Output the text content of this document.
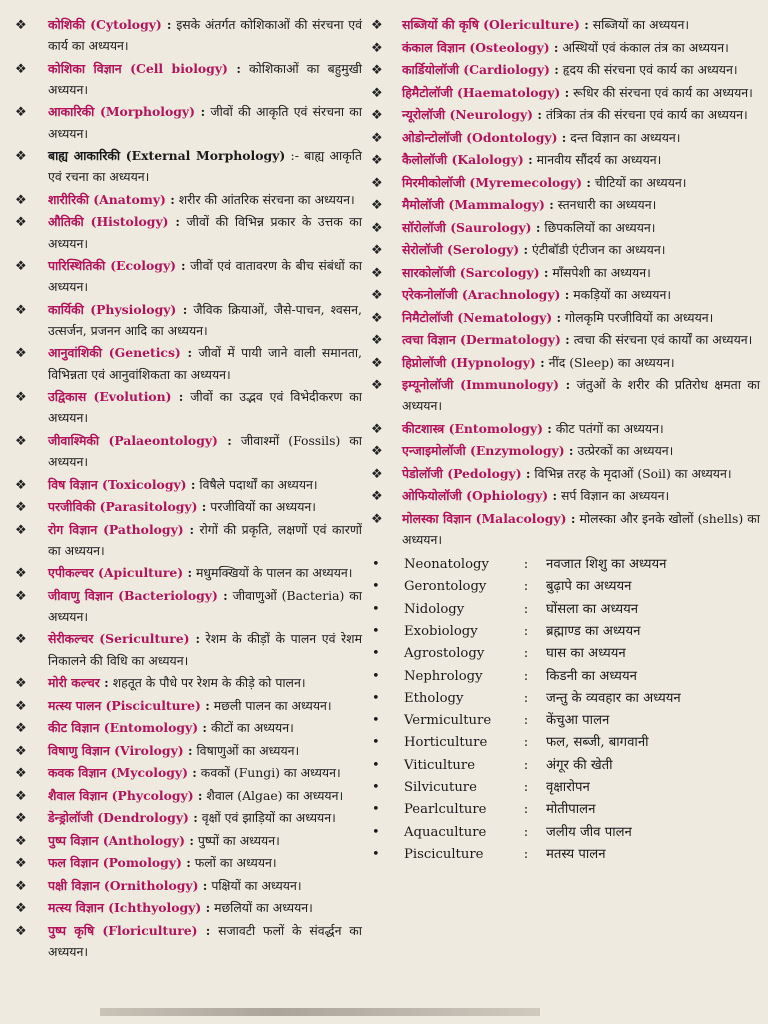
❖ कोशिकी (Cytology) : इसके अंतर्गत कोशिकाओं की संरचना एवं कार्य का अध्ययन।
❖ कोशिका विज्ञान (Cell biology) : कोशिकाओं का बहुमुखी अध्ययन।
❖ आकारिकी (Morphology) : जीवों की आकृति एवं संरचना का अध्ययन।
❖ बाह्य आकारिकी (External Morphology) :- बाह्य आकृति एवं रचना का अध्ययन।
❖ शारीरिकी (Anatomy) : शरीर की आंतरिक संरचना का अध्ययन।
❖ औतिकी (Histology) : जीवों की विभिन्न प्रकार के उत्तक का अध्ययन।
❖ पारिस्थितिकी (Ecology) : जीवों एवं वातावरण के बीच संबंधों का अध्ययन।
❖ कार्यिकी (Physiology) : जैविक क्रियाओं, जैसे-पाचन, श्वसन, उत्सर्जन, प्रजनन आदि का अध्ययन।
❖ आनुवांशिकी (Genetics) : जीवों में पायी जाने वाली समानता, विभिन्नता एवं आनुवांशिकता का अध्ययन।
❖ उद्विकास (Evolution) : जीवों का उद्भव एवं विभेदीकरण का अध्ययन।
❖ जीवाश्मिकी (Palaeontology) : जीवाश्मों (Fossils) का अध्ययन।
❖ विष विज्ञान (Toxicology) : विषैले पदार्थों का अध्ययन।
❖ परजीविकी (Parasitology) : परजीवियों का अध्ययन।
❖ रोग विज्ञान (Pathology) : रोगों की प्रकृति, लक्षणों एवं कारणों का अध्ययन।
❖ एपीकल्चर (Apiculture) : मधुमक्खियों के पालन का अध्ययन।
❖ जीवाणु विज्ञान (Bacteriology) : जीवाणुओं (Bacteria) का अध्ययन।
❖ सेरीकल्चर (Sericulture) : रेशम के कीड़ों के पालन एवं रेशम निकालने की विधि का अध्ययन।
❖ मोरी कल्चर : शहतूत के पौधे पर रेशम के कीड़े को पालन।
❖ मत्स्य पालन (Pisciculture) : मछली पालन का अध्ययन।
❖ कीट विज्ञान (Entomology) : कीटों का अध्ययन।
❖ विषाणु विज्ञान (Virology) : विषाणुओं का अध्ययन।
❖ कवक विज्ञान (Mycology) : कवकों (Fungi) का अध्ययन।
❖ शैवाल विज्ञान (Phycology) : शैवाल (Algae) का अध्ययन।
❖ डेन्ड्रोलॉजी (Dendrology) : वृक्षों एवं झाड़ियों का अध्ययन।
❖ पुष्प विज्ञान (Anthology) : पुष्पों का अध्ययन।
❖ फल विज्ञान (Pomology) : फलों का अध्ययन।
❖ पक्षी विज्ञान (Ornithology) : पक्षियों का अध्ययन।
❖ मत्स्य विज्ञान (Ichthyology) : मछलियों का अध्ययन।
❖ पुष्प कृषि (Floriculture) : सजावटी फलों के संवर्द्धन का अध्ययन।
❖ सब्जियों की कृषि (Olericulture) : सब्जियों का अध्ययन।
❖ कंकाल विज्ञान (Osteology) : अस्थियों एवं कंकाल तंत्र का अध्ययन।
❖ कार्डियोलॉजी (Cardiology) : हृदय की संरचना एवं कार्य का अध्ययन।
❖ हिमैटोलॉजी (Haematology) : रूधिर की संरचना एवं कार्य का अध्ययन।
❖ न्यूरोलॉजी (Neurology) : तंत्रिका तंत्र की संरचना एवं कार्य का अध्ययन।
❖ ओडोन्टोलॉजी (Odontology) : दन्त विज्ञान का अध्ययन।
❖ कैलोलॉजी (Kalology) : मानवीय सौंदर्य का अध्ययन।
❖ मिरमीकोलॉजी (Myremecology) : चीटियों का अध्ययन।
❖ मैमोलॉजी (Mammalogy) : स्तनधारी का अध्ययन।
❖ सॉरोलॉजी (Saurology) : छिपकलियों का अध्ययन।
❖ सेरोलॉजी (Serology) : एंटीबॉडी एंटीजन का अध्ययन।
❖ सारकोलॉजी (Sarcology) : माँसपेशी का अध्ययन।
❖ एरेकनोलॉजी (Arachnology) : मकड़ियों का अध्ययन।
❖ निमैटोलॉजी (Nematology) : गोलकृमि परजीवियों का अध्ययन।
❖ त्वचा विज्ञान (Dermatology) : त्वचा की संरचना एवं कार्यों का अध्ययन।
❖ हिप्नोलॉजी (Hypnology) : नींद (Sleep) का अध्ययन।
❖ इम्यूनोलॉजी (Immunology) : जंतुओं के शरीर की प्रतिरोध क्षमता का अध्ययन।
❖ कीटशास्त्र (Entomology) : कीट पतंगों का अध्ययन।
❖ एन्जाइमोलॉजी (Enzymology) : उत्प्रेरकों का अध्ययन।
❖ पेडोलॉजी (Pedology) : विभिन्न तरह के मृदाओं (Soil) का अध्ययन।
❖ ओफियोलॉजी (Ophiology) : सर्प विज्ञान का अध्ययन।
❖ मोलस्का विज्ञान (Malacology) : मोलस्का और इनके खोलों (shells) का अध्ययन।
• Neonatology	: नवजात शिशु का अध्ययन
• Gerontology	: बुढ़ापे का अध्ययन
• Nidology	: घोंसला का अध्ययन
• Exobiology	: ब्रह्माण्ड का अध्ययन
• Agrostology	: घास का अध्ययन
• Nephrology	: किडनी का अध्ययन
• Ethology	: जन्तु के व्यवहार का अध्ययन
• Vermiculture : केंचुआ पालन
• Horticulture	: फल, सब्जी, बागवानी
• Viticulture	: अंगूर की खेती
• Silvicuture	: वृक्षारोपन
• Pearlculture	: मोतीपालन
• Aquaculture	: जलीय जीव पालन
• Pisciculture	: मतस्य पालन
